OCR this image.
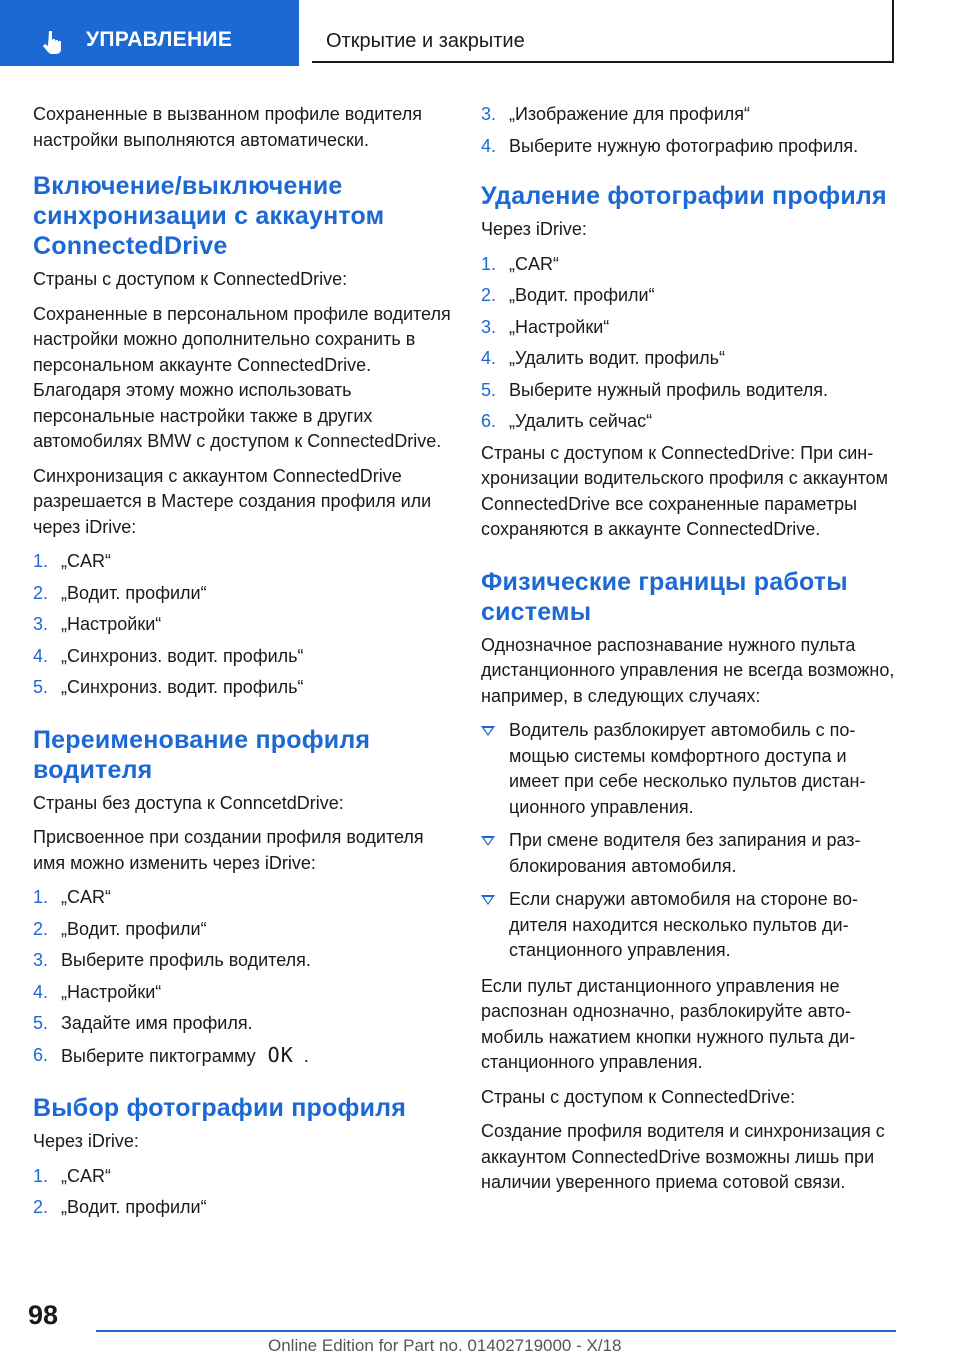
УПРАВЛЕНИЕ	Открытие и закрытие

Сохраненные в вызванном профиле водителя настройки выполняются автоматически.

Включение/выключение синхронизации с аккаунтом ConnectedDrive

Страны с доступом к ConnectedDrive:

Сохраненные в персональном профиле водителя настройки можно дополнительно сохранить в персональном аккаунте ConnectedDrive. Благодаря этому можно использовать персональные настройки также в других автомобилях BMW с доступом к ConnectedDrive.

Синхронизация с аккаунтом ConnectedDrive разрешается в Мастере создания профиля или через iDrive:

1. „CAR“
2. „Водит. профили“
3. „Настройки“
4. „Синхрониз. водит. профиль“
5. „Синхрониз. водит. профиль“
Переименование профиля водителя

Страны без доступа к ConncetdDrive:

Присвоенное при создании профиля водителя имя можно изменить через iDrive:

1. „CAR“
2. „Водит. профили“
3. Выберите профиль водителя.
4. „Настройки“
5. Задайте имя профиля.
6. Выберите пиктограмму OK .
Выбор фотографии профиля

Через iDrive:

1. „CAR“
2. „Водит. профили“
3. „Изображение для профиля“
4. Выберите нужную фотографию профиля.
Удаление фотографии профиля

Через iDrive:

1. „CAR“
2. „Водит. профили“
3. „Настройки“
4. „Удалить водит. профиль“
5. Выберите нужный профиль водителя.
6. „Удалить сейчас“

Страны с доступом к ConnectedDrive: При синхронизации водительского профиля с аккаунтом ConnectedDrive все сохраненные параметры сохраняются в аккаунте ConnectedDrive.

Физические границы работы системы

Однозначное распознавание нужного пульта дистанционного управления не всегда возможно, например, в следующих случаях:

Водитель разблокирует автомобиль с помощью системы комфортного доступа и имеет при себе несколько пультов дистанционного управления.
При смене водителя без запирания и разблокирования автомобиля.
Если снаружи автомобиля на стороне водителя находится несколько пультов дистанционного управления.

Если пульт дистанционного управления не распознан однозначно, разблокируйте автомобиль нажатием кнопки нужного пульта дистанционного управления.

Страны с доступом к ConnectedDrive:

Создание профиля водителя и синхронизация с аккаунтом ConnectedDrive возможны лишь при наличии уверенного приема сотовой связи.

98
Online Edition for Part no. 01402719000 - X/18
